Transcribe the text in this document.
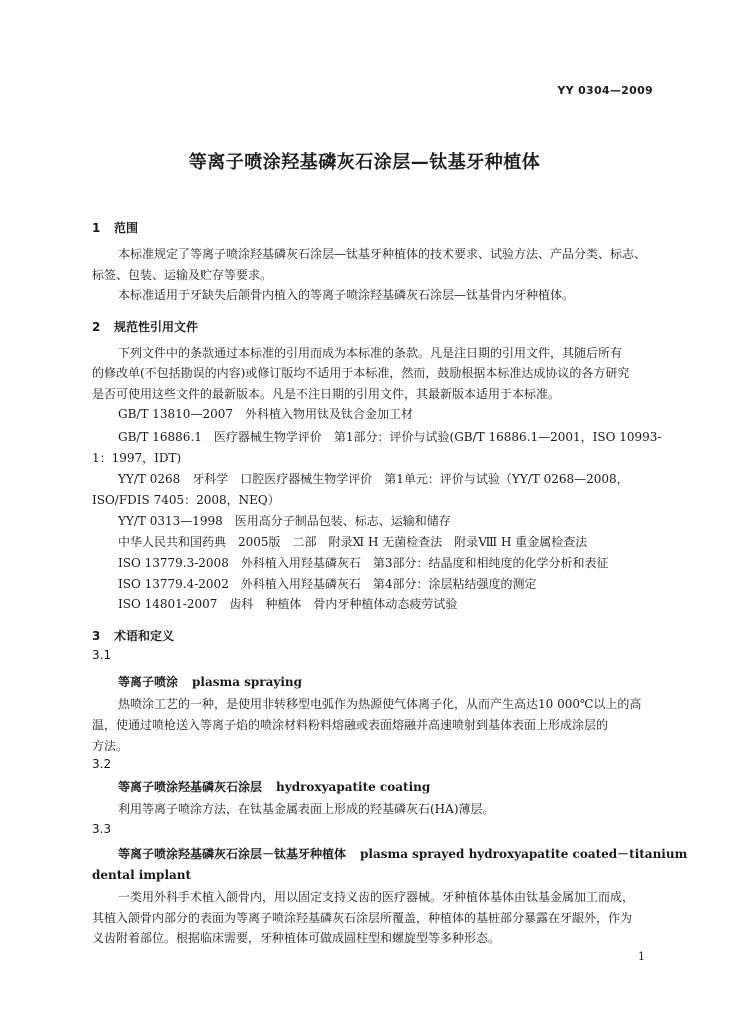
YY 0304—2009
等离子喷涂羟基磷灰石涂层—钛基牙种植体
1 范围
本标准规定了等离子喷涂羟基磷灰石涂层—钛基牙种植体的技术要求、试验方法、产品分类、标志、
标签、包装、运输及贮存等要求。
本标准适用于牙缺失后颌骨内植入的等离子喷涂羟基磷灰石涂层—钛基骨内牙种植体。
2 规范性引用文件
下列文件中的条款通过本标准的引用而成为本标准的条款。凡是注日期的引用文件，其随后所有
的修改单(不包括勘误的内容)或修订版均不适用于本标准，然而，鼓励根据本标准达成协议的各方研究
是否可使用这些文件的最新版本。凡是不注日期的引用文件，其最新版本适用于本标准。
GB/T 13810—2007　外科植入物用钛及钛合金加工材
GB/T 16886.1　医疗器械生物学评价　第1部分：评价与试验(GB/T 16886.1—2001，ISO 10993-
1：1997，IDT)
YY/T 0268　牙科学　口腔医疗器械生物学评价　第1单元：评价与试验（YY/T 0268—2008，
ISO/FDIS 7405：2008，NEQ）
YY/T 0313—1998　医用高分子制品包装、标志、运输和储存
中华人民共和国药典　2005版　二部　附录Ⅺ H 无菌检查法　附录Ⅷ H 重金属检查法
ISO 13779.3-2008　外科植入用羟基磷灰石　第3部分：结晶度和相纯度的化学分析和表征
ISO 13779.4-2002　外科植入用羟基磷灰石　第4部分：涂层粘结强度的测定
ISO 14801-2007　齿科　种植体　骨内牙种植体动态疲劳试验
3 术语和定义
3.1
等离子喷涂 plasma spraying
热喷涂工艺的一种，是使用非转移型电弧作为热源使气体离子化，从而产生高达10 000℃以上的高
温，使通过喷枪送入等离子焰的喷涂材料粉料熔融或表面熔融并高速喷射到基体表面上形成涂层的
方法。
3.2
等离子喷涂羟基磷灰石涂层 hydroxyapatite coating
利用等离子喷涂方法，在钛基金属表面上形成的羟基磷灰石(HA)薄层。
3.3
等离子喷涂羟基磷灰石涂层－钛基牙种植体 plasma sprayed hydroxyapatite coated－titanium
dental implant
一类用外科手术植入颌骨内，用以固定支持义齿的医疗器械。牙种植体基体由钛基金属加工而成，
其植入颌骨内部分的表面为等离子喷涂羟基磷灰石涂层所覆盖，种植体的基桩部分暴露在牙龈外，作为
义齿附着部位。根据临床需要，牙种植体可做成圆柱型和螺旋型等多种形态。
1
